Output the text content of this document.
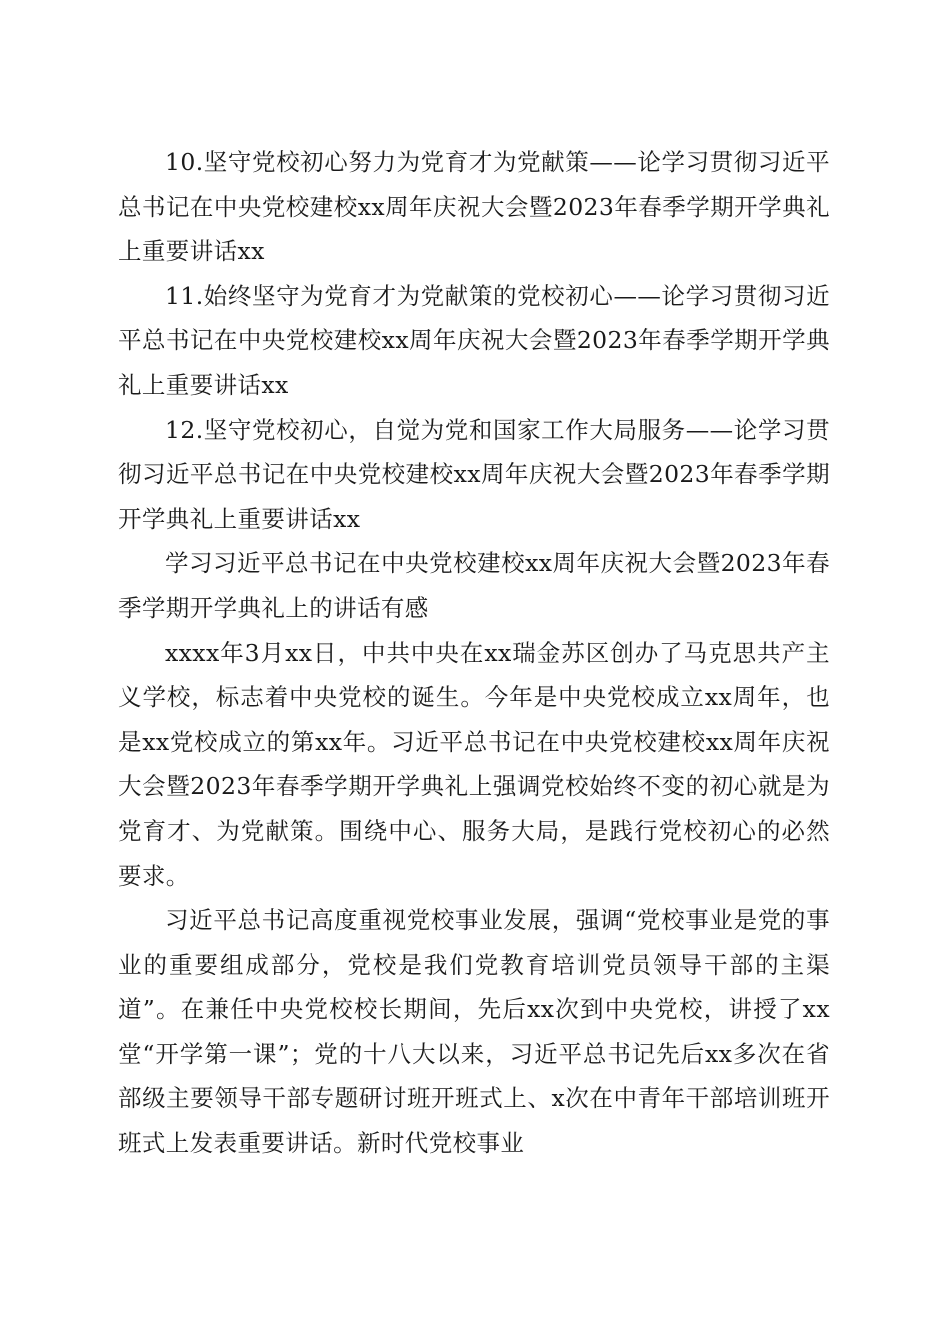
10.坚守党校初心努力为党育才为党献策——论学习贯彻习近平总书记在中央党校建校xx周年庆祝大会暨2023年春季学期开学典礼上重要讲话xx

11.始终坚守为党育才为党献策的党校初心——论学习贯彻习近平总书记在中央党校建校xx周年庆祝大会暨2023年春季学期开学典礼上重要讲话xx

12.坚守党校初心，自觉为党和国家工作大局服务——论学习贯彻习近平总书记在中央党校建校xx周年庆祝大会暨2023年春季学期开学典礼上重要讲话xx

学习习近平总书记在中央党校建校xx周年庆祝大会暨2023年春季学期开学典礼上的讲话有感

xxxx年3月xx日，中共中央在xx瑞金苏区创办了马克思共产主义学校，标志着中央党校的诞生。今年是中央党校成立xx周年，也是xx党校成立的第xx年。习近平总书记在中央党校建校xx周年庆祝大会暨2023年春季学期开学典礼上强调党校始终不变的初心就是为党育才、为党献策。围绕中心、服务大局，是践行党校初心的必然要求。

习近平总书记高度重视党校事业发展，强调“党校事业是党的事业的重要组成部分，党校是我们党教育培训党员领导干部的主渠道”。在兼任中央党校校长期间，先后xx次到中央党校，讲授了xx堂“开学第一课”；党的十八大以来，习近平总书记先后xx多次在省部级主要领导干部专题研讨班开班式上、x次在中青年干部培训班开班式上发表重要讲话。新时代党校事业
